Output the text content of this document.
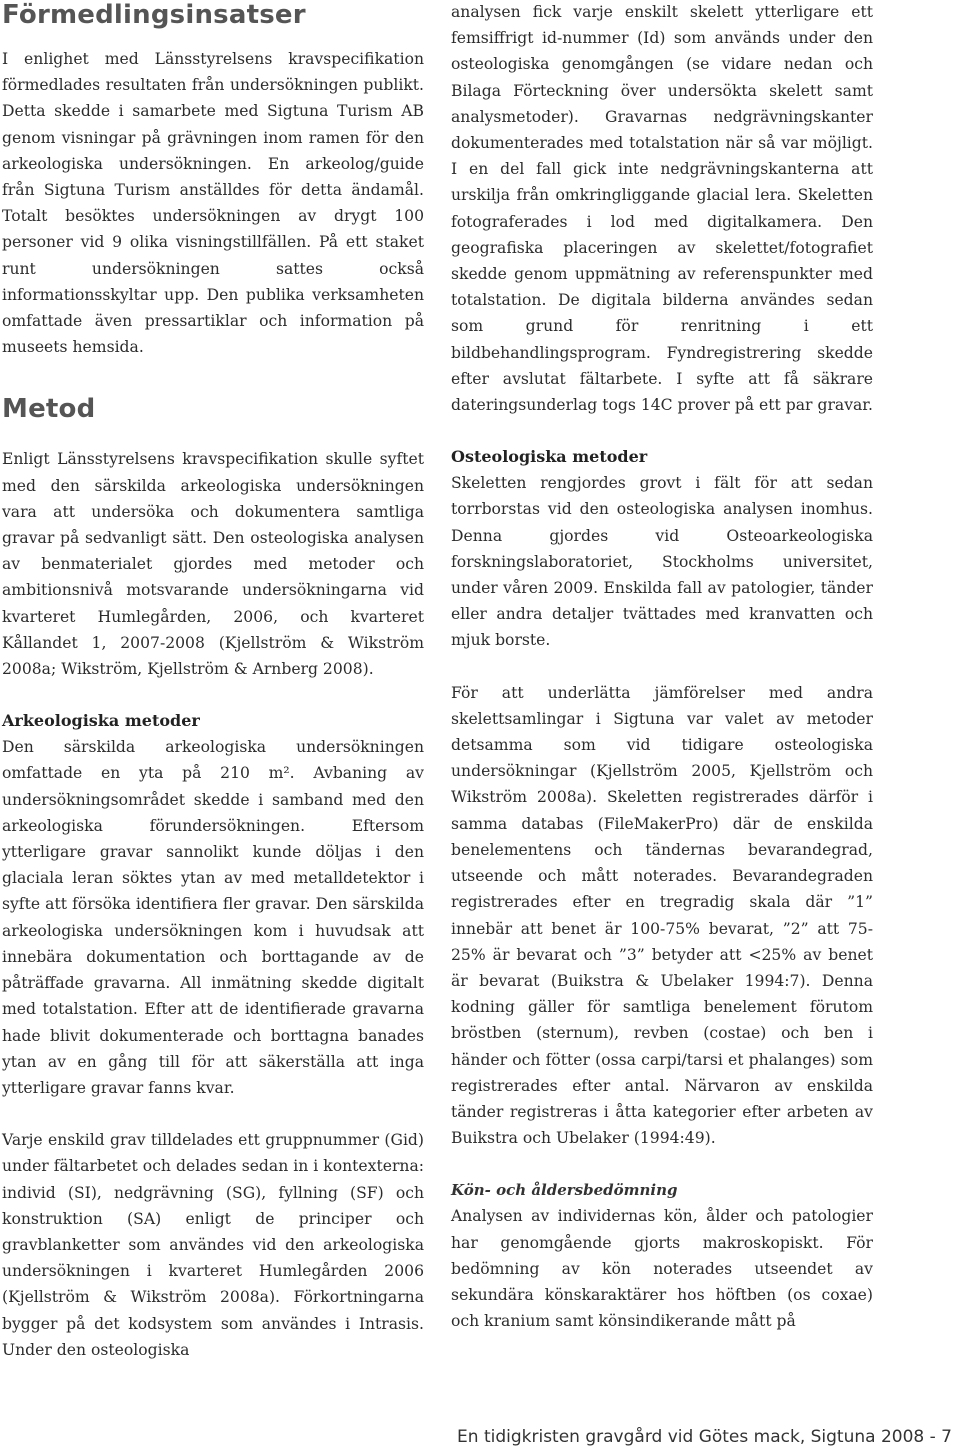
Förmedlingsinsatser

I enlighet med Länsstyrelsens kravspecifikation förmedlades resultaten från undersökningen publikt. Detta skedde i samarbete med Sigtuna Turism AB genom visningar på grävningen inom ramen för den arkeologiska undersökningen. En arkeolog/guide från Sigtuna Turism anställdes för detta ändamål. Totalt besöktes undersökningen av drygt 100 personer vid 9 olika visningstillfällen. På ett staket runt undersökningen sattes också informationsskyltar upp. Den publika verksamheten omfattade även pressartiklar och information på museets hemsida.

Metod

Enligt Länsstyrelsens kravspecifikation skulle syftet med den särskilda arkeologiska undersökningen vara att undersöka och dokumentera samtliga gravar på sedvanligt sätt. Den osteologiska analysen av benmaterialet gjordes med metoder och ambitionsnivå motsvarande undersökningarna vid kvarteret Humlegården, 2006, och kvarteret Kållandet 1, 2007-2008 (Kjellström & Wikström 2008a; Wikström, Kjellström & Arnberg 2008).

Arkeologiska metoder

Den särskilda arkeologiska undersökningen omfattade en yta på 210 m². Avbaning av undersökningsområdet skedde i samband med den arkeologiska förundersökningen. Eftersom ytterligare gravar sannolikt kunde döljas i den glaciala leran söktes ytan av med metalldetektor i syfte att försöka identifiera fler gravar. Den särskilda arkeologiska undersökningen kom i huvudsak att innebära dokumentation och borttagande av de påträffade gravarna. All inmätning skedde digitalt med totalstation. Efter att de identifierade gravarna hade blivit dokumenterade och borttagna banades ytan av en gång till för att säkerställa att inga ytterligare gravar fanns kvar.

Varje enskild grav tilldelades ett gruppnummer (Gid) under fältarbetet och delades sedan in i kontexterna: individ (SI), nedgrävning (SG), fyllning (SF) och konstruktion (SA) enligt de principer och gravblanketter som användes vid den arkeologiska undersökningen i kvarteret Humlegården 2006 (Kjellström & Wikström 2008a). Förkortningarna bygger på det kodsystem som användes i Intrasis. Under den osteologiska

analysen fick varje enskilt skelett ytterligare ett femsiffrigt id-nummer (Id) som används under den osteologiska genomgången (se vidare nedan och Bilaga Förteckning över undersökta skelett samt analysmetoder). Gravarnas nedgrävningskanter dokumenterades med totalstation när så var möjligt. I en del fall gick inte nedgrävningskanterna att urskilja från omkringliggande glacial lera. Skeletten fotograferades i lod med digitalkamera. Den geografiska placeringen av skelettet/fotografiet skedde genom uppmätning av referenspunkter med totalstation. De digitala bilderna användes sedan som grund för renritning i ett bildbehandlingsprogram. Fyndregistrering skedde efter avslutat fältarbete. I syfte att få säkrare dateringsunderlag togs 14C prover på ett par gravar.

Osteologiska metoder

Skeletten rengjordes grovt i fält för att sedan torrborstas vid den osteologiska analysen inomhus. Denna gjordes vid Osteoarkeologiska forskningslaboratoriet, Stockholms universitet, under våren 2009. Enskilda fall av patologier, tänder eller andra detaljer tvättades med kranvatten och mjuk borste.

För att underlätta jämförelser med andra skelettsamlingar i Sigtuna var valet av metoder detsamma som vid tidigare osteologiska undersökningar (Kjellström 2005, Kjellström och Wikström 2008a). Skeletten registrerades därför i samma databas (FileMakerPro) där de enskilda benelementens och tändernas bevarandegrad, utseende och mått noterades. Bevarandegraden registrerades efter en tregradig skala där ”1” innebär att benet är 100-75% bevarat, ”2” att 75-25% är bevarat och ”3” betyder att <25% av benet är bevarat (Buikstra & Ubelaker 1994:7). Denna kodning gäller för samtliga benelement förutom bröstben (sternum), revben (costae) och ben i händer och fötter (ossa carpi/tarsi et phalanges) som registrerades efter antal. Närvaron av enskilda tänder registreras i åtta kategorier efter arbeten av Buikstra och Ubelaker (1994:49).

Kön- och åldersbedömning

Analysen av individernas kön, ålder och patologier har genomgående gjorts makroskopiskt. För bedömning av kön noterades utseendet av sekundära könskaraktärer hos höftben (os coxae) och kranium samt könsindikerande mått på

En tidigkristen gravgård vid Götes mack, Sigtuna 2008 - 7
